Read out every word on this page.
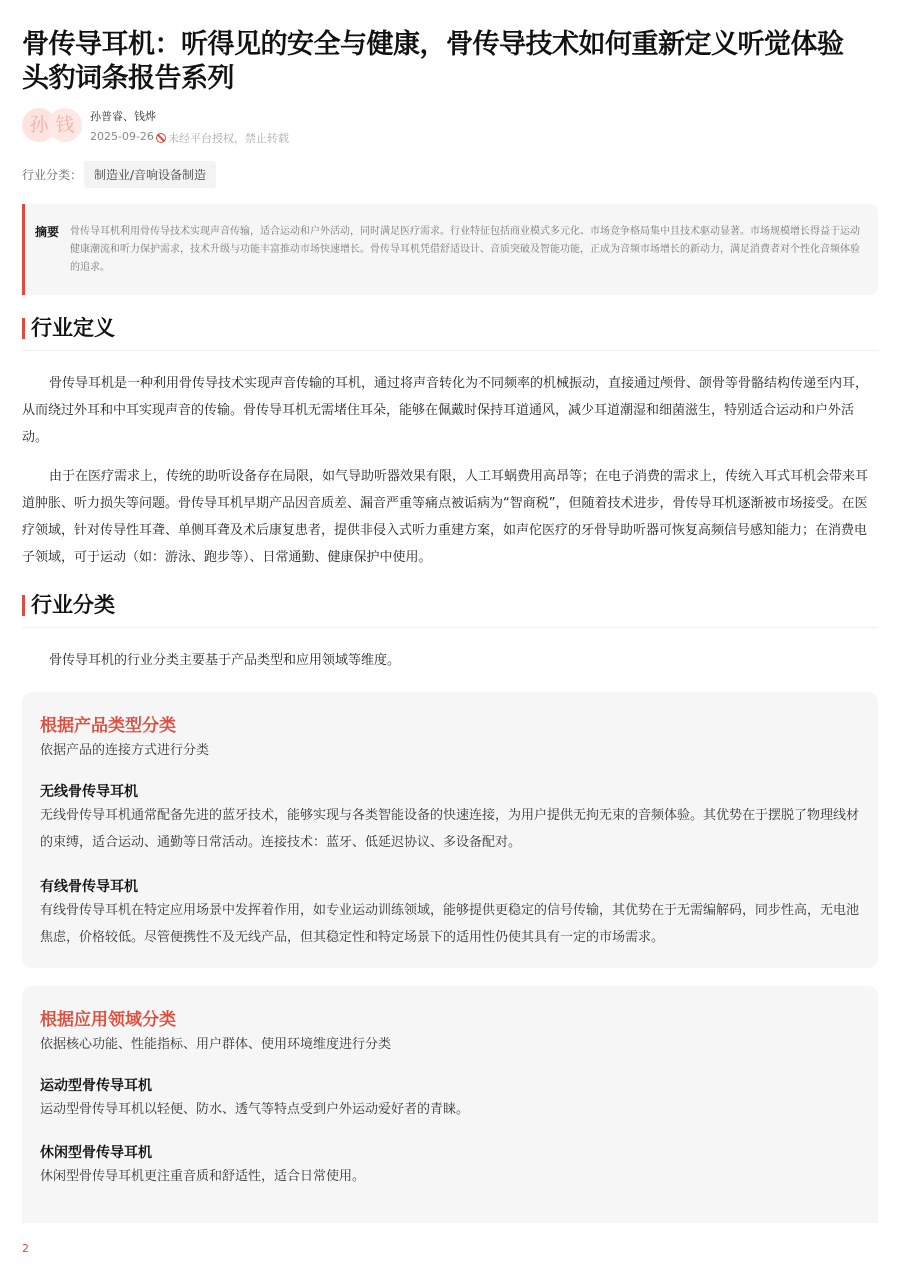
骨传导耳机：听得见的安全与健康，骨传导技术如何重新定义听觉体验 头豹词条报告系列
孙 钱	孙普睿、钱烨
2025-09-26	未经平台授权，禁止转载
行业分类： 制造业/音响设备制造
摘要 骨传导耳机利用骨传导技术实现声音传输，适合运动和户外活动，同时满足医疗需求。行业特征包括商业模式多元化、市场竞争格局集中且技术驱动显著。市场规模增长得益于运动健康潮流和听力保护需求，技术升级与功能丰富推动市场快速增长。骨传导耳机凭借舒适设计、音质突破及智能功能，正成为音频市场增长的新动力，满足消费者对个性化音频体验的追求。
行业定义

骨传导耳机是一种利用骨传导技术实现声音传输的耳机，通过将声音转化为不同频率的机械振动，直接通过颅骨、颌骨等骨骼结构传递至内耳，从而绕过外耳和中耳实现声音的传输。骨传导耳机无需堵住耳朵，能够在佩戴时保持耳道通风，减少耳道潮湿和细菌滋生，特别适合运动和户外活动。

由于在医疗需求上，传统的助听设备存在局限，如气导助听器效果有限，人工耳蜗费用高昂等；在电子消费的需求上，传统入耳式耳机会带来耳道肿胀、听力损失等问题。骨传导耳机早期产品因音质差、漏音严重等痛点被诟病为“智商税”，但随着技术进步，骨传导耳机逐渐被市场接受。在医疗领域，针对传导性耳聋、单侧耳聋及术后康复患者，提供非侵入式听力重建方案，如声佗医疗的牙骨导助听器可恢复高频信号感知能力；在消费电子领域，可于运动（如：游泳、跑步等）、日常通勤、健康保护中使用。

行业分类

骨传导耳机的行业分类主要基于产品类型和应用领域等维度。

根据产品类型分类
依据产品的连接方式进行分类
无线骨传导耳机
无线骨传导耳机通常配备先进的蓝牙技术，能够实现与各类智能设备的快速连接，为用户提供无拘无束的音频体验。其优势在于摆脱了物理线材的束缚，适合运动、通勤等日常活动。连接技术：蓝牙、低延迟协议、多设备配对。
有线骨传导耳机
有线骨传导耳机在特定应用场景中发挥着作用，如专业运动训练领域，能够提供更稳定的信号传输，其优势在于无需编解码，同步性高，无电池焦虑，价格较低。尽管便携性不及无线产品，但其稳定性和特定场景下的适用性仍使其具有一定的市场需求。
根据应用领域分类
依据核心功能、性能指标、用户群体、使用环境维度进行分类
运动型骨传导耳机
运动型骨传导耳机以轻便、防水、透气等特点受到户外运动爱好者的青睐。
休闲型骨传导耳机
休闲型骨传导耳机更注重音质和舒适性，适合日常使用。
2
